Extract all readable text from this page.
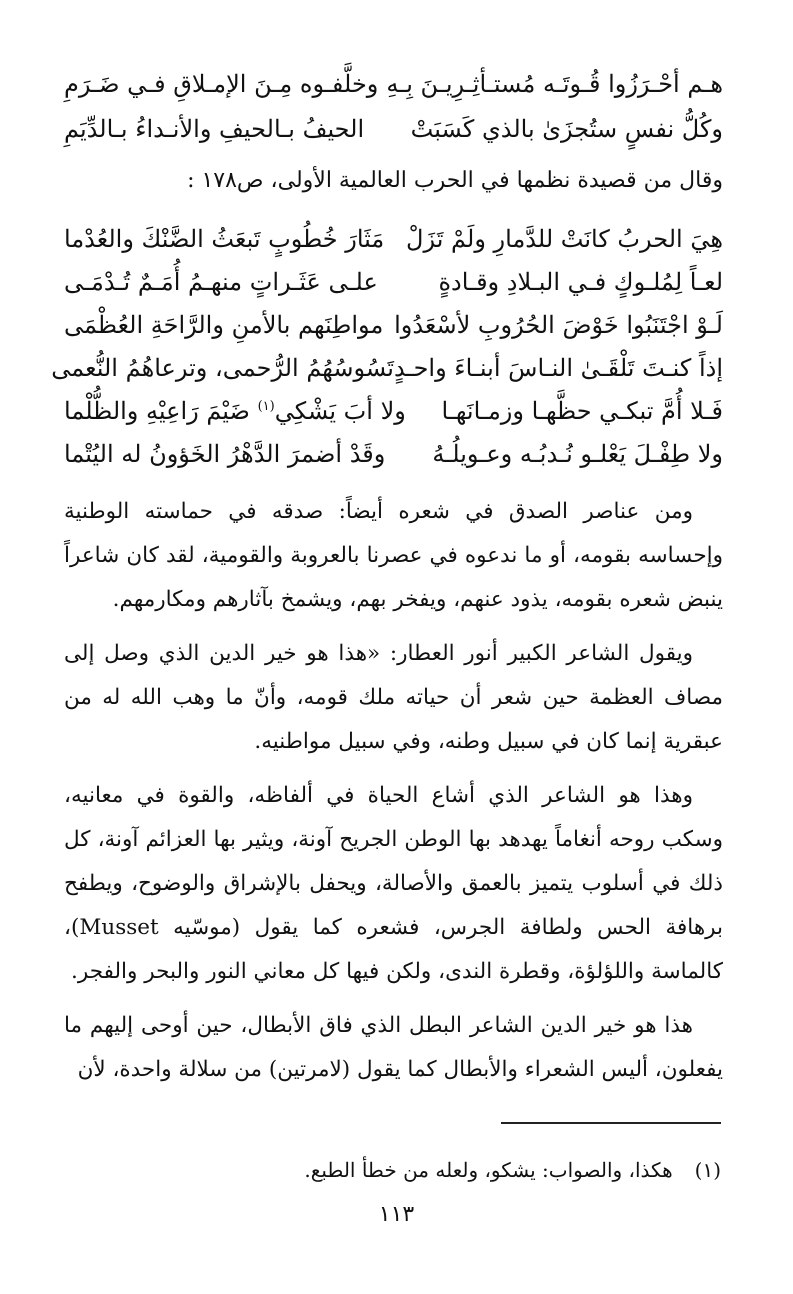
هـم أحْـرَزُوا قُـوتَـه مُستـأثِـرِيـنَ بِـهِ
وخلَّفـوه مِـنَ الإمـلاقِ فـي ضَـرَمِ
وكُلُّ نفسٍ ستُجزَىٰ بالذي كَسَبَتْ
الحيفُ بـالحيفِ والأنـداءُ بـالدِّيَمِ
وقال من قصيدة نظمها في الحرب العالمية الأولى، ص١٧٨ :
هِيَ الحربُ كانَتْ للدَّمارِ ولَمْ تَزَلْ
مَثَارَ خُطُوبٍ تَبعَثُ الضَّنْكَ والعُدْما
لعـاً لِمُلـوكٍ فـي البـلادِ وقـادةٍ
علـى عَثَـراتٍ منهـمُ أُمَـمٌ تُـدْمَـى
لَـوْ اجْتَنَبُوا خَوْضَ الحُرُوبِ لأسْعَدُوا
مواطِنَهم بالأمنِ والرَّاحَةِ العُظْمَى
إذاً كنـتَ تَلْقَـىٰ النـاسَ أبنـاءَ واحـدٍ
تَسُوسُهُمُ الرُّحمى، وترعاهُمُ النُّعمى
فَـلا أُمَّ تبكـي حظَّهـا وزمـانَهـا
ولا أبَ يَشْكِي$^{(١)}$ ضَيْمَ رَاعِيْهِ والظُّلْما
ولا طِفْـلَ يَعْلـو نُـدبُـه وعـويلُـهُ
وقَدْ أضمرَ الدَّهْرُ الخَؤونُ له اليُتْما

ومن عناصر الصدق في شعره أيضاً: صدقه في حماسته الوطنية وإحساسه بقومه، أو ما ندعوه في عصرنا بالعروبة والقومية، لقد كان شاعراً ينبض شعره بقومه، يذود عنهم، ويفخر بهم، ويشمخ بآثارهم ومكارمهم.

ويقول الشاعر الكبير أنور العطار: «هذا هو خير الدين الذي وصل إلى مصاف العظمة حين شعر أن حياته ملك قومه، وأنّ ما وهب الله له من عبقرية إنما كان في سبيل وطنه، وفي سبيل مواطنيه.

وهذا هو الشاعر الذي أشاع الحياة في ألفاظه، والقوة في معانيه، وسكب روحه أنغاماً يهدهد بها الوطن الجريح آونة، ويثير بها العزائم آونة، كل ذلك في أسلوب يتميز بالعمق والأصالة، ويحفل بالإشراق والوضوح، ويطفح برهافة الحس ولطافة الجرس، فشعره كما يقول (موسّيه Musset)، كالماسة واللؤلؤة، وقطرة الندى، ولكن فيها كل معاني النور والبحر والفجر.

هذا هو خير الدين الشاعر البطل الذي فاق الأبطال، حين أوحى إليهم ما يفعلون، أليس الشعراء والأبطال كما يقول (لامرتين) من سلالة واحدة، لأن

(١)هكذا، والصواب: يشكو، ولعله من خطأ الطبع.
١١٣
